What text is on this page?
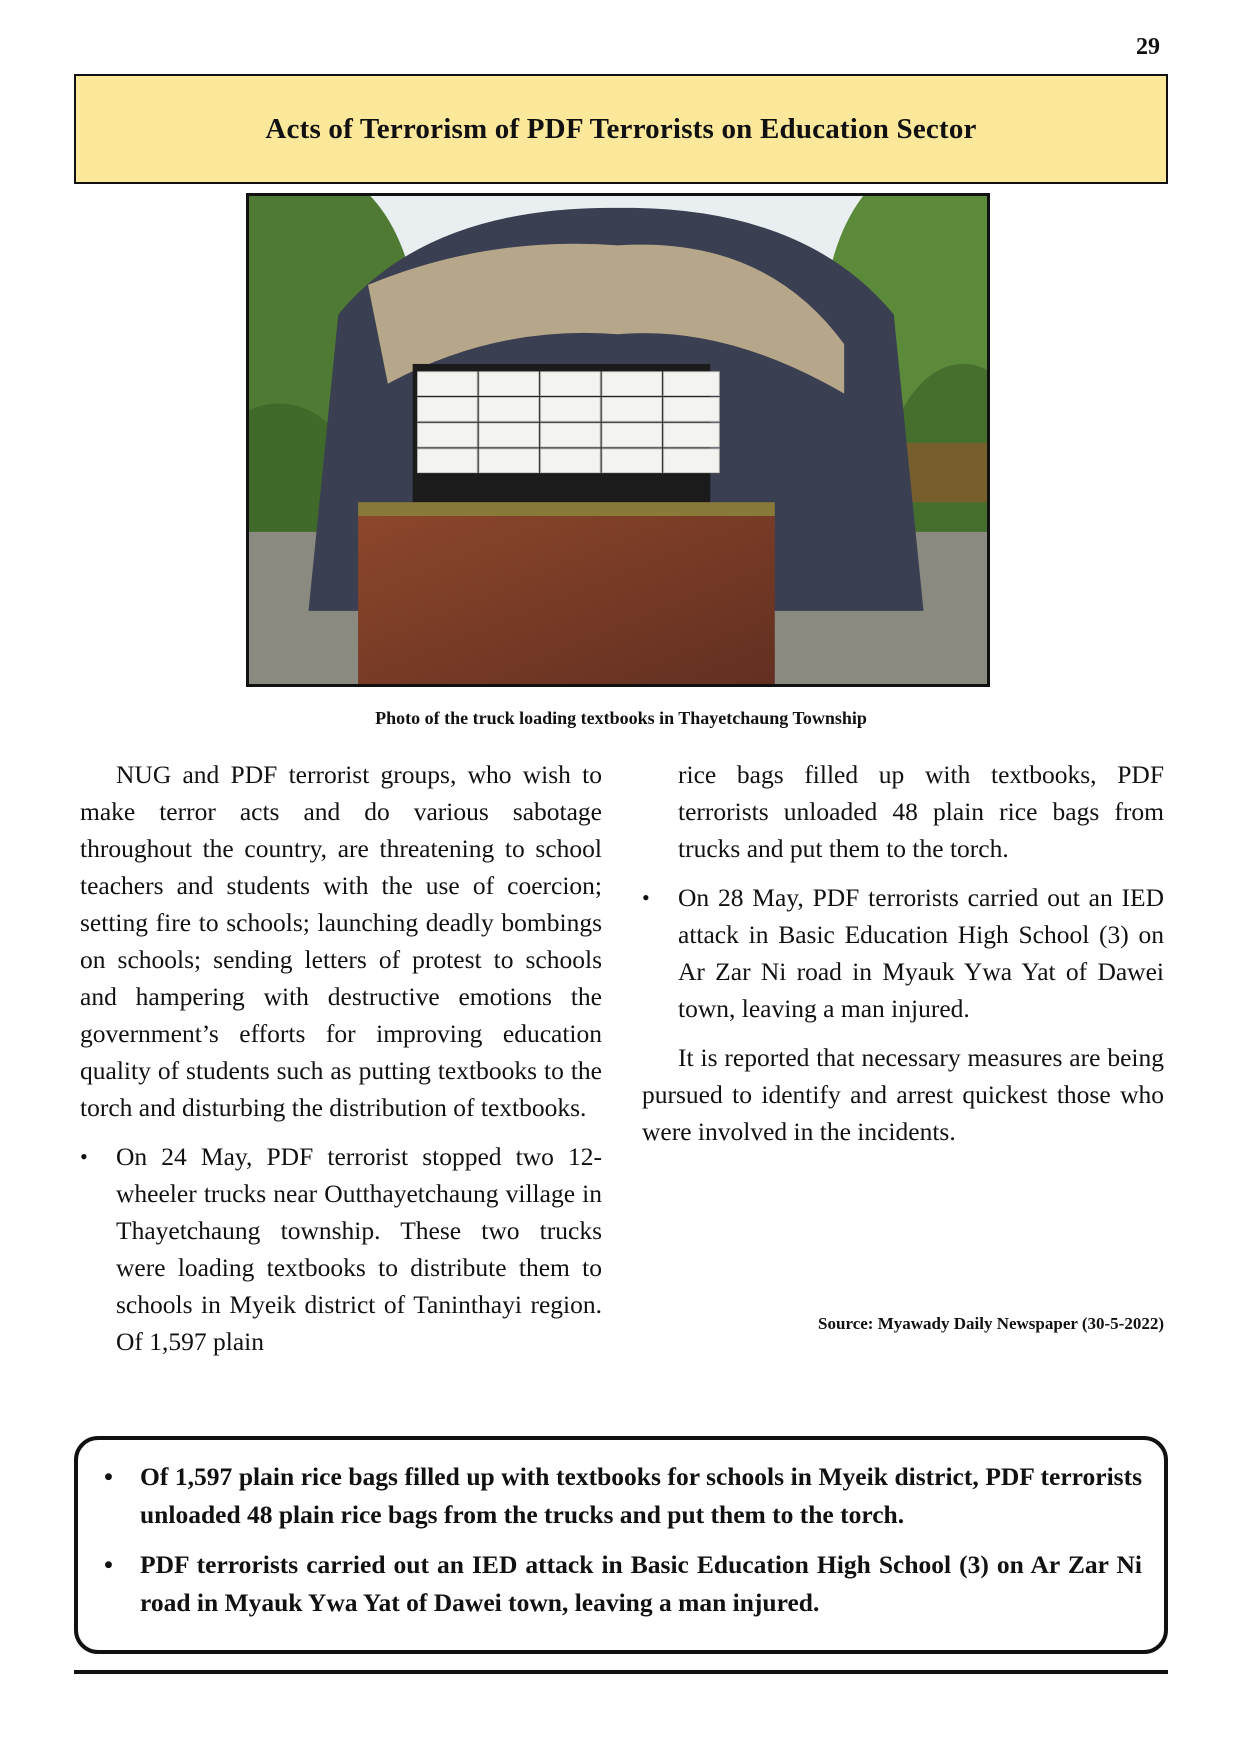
29
Acts of Terrorism of PDF Terrorists on Education Sector
Photo of the truck loading textbooks in Thayetchaung Township

NUG and PDF terrorist groups, who wish to make terror acts and do various sabotage throughout the country, are threatening to school teachers and students with the use of coercion; setting fire to schools; launching deadly bombings on schools; sending letters of protest to schools and hampering with destructive emotions the government’s efforts for improving education quality of students such as putting textbooks to the torch and disturbing the distribution of textbooks.

• On 24 May, PDF terrorist stopped two 12-wheeler trucks near Outthayetchaung village in Thayetchaung township. These two trucks were loading textbooks to distribute them to schools in Myeik district of Taninthayi region. Of 1,597 plain

rice bags filled up with textbooks, PDF terrorists unloaded 48 plain rice bags from trucks and put them to the torch.

• On 28 May, PDF terrorists carried out an IED attack in Basic Education High School (3) on Ar Zar Ni road in Myauk Ywa Yat of Dawei town, leaving a man injured.

It is reported that necessary measures are being pursued to identify and arrest quickest those who were involved in the incidents.

Source: Myawady Daily Newspaper (30-5-2022)
• Of 1,597 plain rice bags filled up with textbooks for schools in Myeik district, PDF terrorists unloaded 48 plain rice bags from the trucks and put them to the torch.
• PDF terrorists carried out an IED attack in Basic Education High School (3) on Ar Zar Ni road in Myauk Ywa Yat of Dawei town, leaving a man injured.
